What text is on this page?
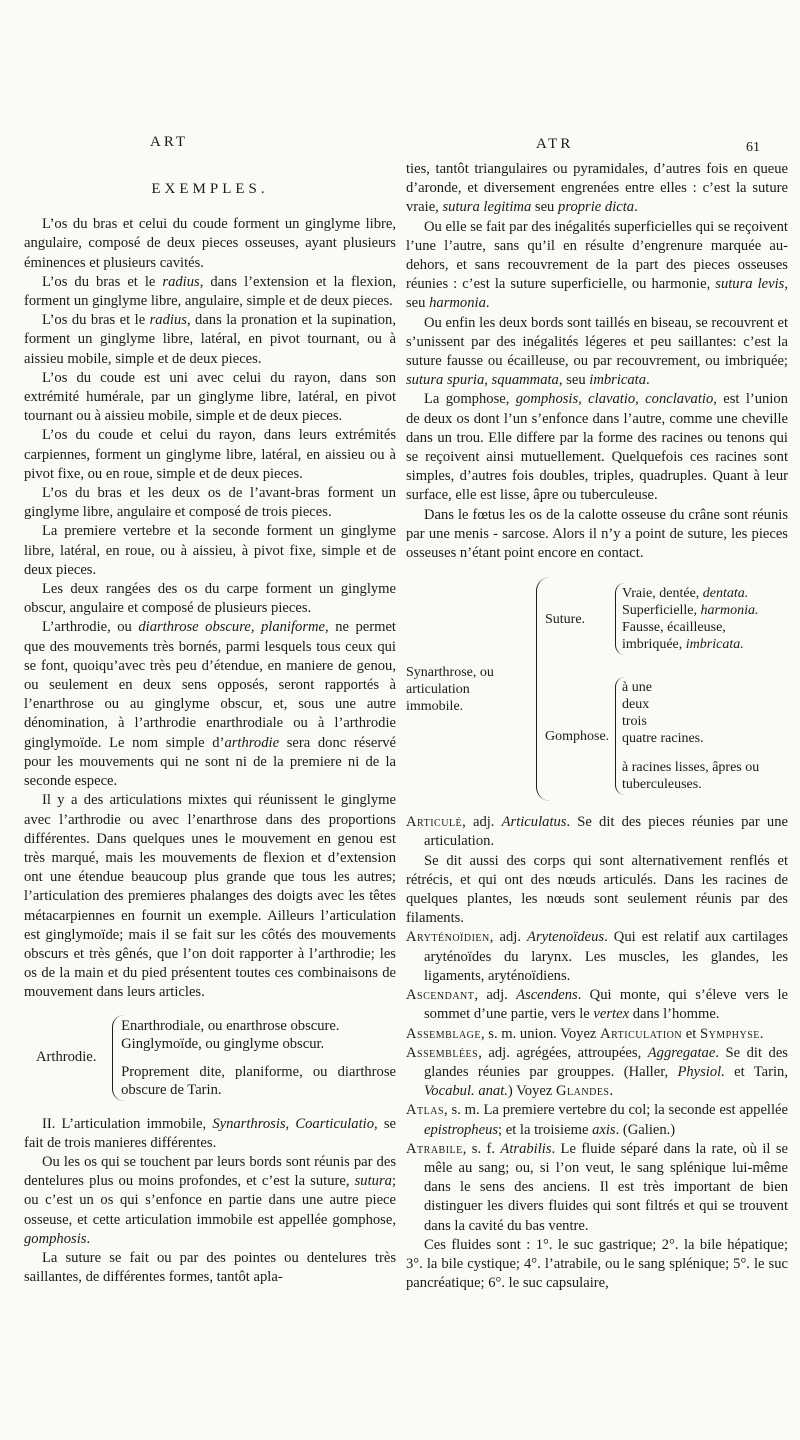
ART	ATR	61
EXEMPLES.

L’os du bras et celui du coude forment un ginglyme libre, angulaire, composé de deux pieces osseuses, ayant plusieurs éminences et plusieurs cavités.

L’os du bras et le radius, dans l’extension et la flexion, forment un ginglyme libre, angulaire, simple et de deux pieces.

L’os du bras et le radius, dans la pronation et la supination, forment un ginglyme libre, latéral, en pivot tournant, ou à aissieu mobile, simple et de deux pieces.

L’os du coude est uni avec celui du rayon, dans son extrémité humérale, par un ginglyme libre, latéral, en pivot tournant ou à aissieu mobile, simple et de deux pieces.

L’os du coude et celui du rayon, dans leurs extrémités carpiennes, forment un ginglyme libre, latéral, en aissieu ou à pivot fixe, ou en roue, simple et de deux pieces.

L’os du bras et les deux os de l’avant-bras forment un ginglyme libre, angulaire et composé de trois pieces.

La premiere vertebre et la seconde forment un ginglyme libre, latéral, en roue, ou à aissieu, à pivot fixe, simple et de deux pieces.

Les deux rangées des os du carpe forment un ginglyme obscur, angulaire et composé de plusieurs pieces.

L’arthrodie, ou diarthrose obscure, planiforme, ne permet que des mouvements très bornés, parmi lesquels tous ceux qui se font, quoiqu’avec très peu d’étendue, en maniere de genou, ou seulement en deux sens opposés, seront rapportés à l’enarthrose ou au ginglyme obscur, et, sous une autre dénomination, à l’arthrodie enarthrodiale ou à l’arthrodie ginglymoïde. Le nom simple d’arthrodie sera donc réservé pour les mouvements qui ne sont ni de la premiere ni de la seconde espece.

Il y a des articulations mixtes qui réunissent le ginglyme avec l’arthrodie ou avec l’enarthrose dans des proportions différentes. Dans quelques unes le mouvement en genou est très marqué, mais les mouvements de flexion et d’extension ont une étendue beaucoup plus grande que tous les autres; l’articulation des premieres phalanges des doigts avec les têtes métacarpiennes en fournit un exemple. Ailleurs l’articulation est ginglymoïde; mais il se fait sur les côtés des mouvements obscurs et très gênés, que l’on doit rapporter à l’arthrodie; les os de la main et du pied présentent toutes ces combinaisons de mouvement dans leurs articles.

Arthrodie.
Enarthrodiale, ou enarthrose obscure.
Ginglymoïde, ou ginglyme obscur.
Proprement dite, planiforme, ou diarthrose obscure de Tarin.

II. L’articulation immobile, Synarthrosis, Coarticulatio, se fait de trois manieres différentes.

Ou les os qui se touchent par leurs bords sont réunis par des dentelures plus ou moins profondes, et c’est la suture, sutura; ou c’est un os qui s’enfonce en partie dans une autre piece osseuse, et cette articulation immobile est appellée gomphose, gomphosis.

La suture se fait ou par des pointes ou dentelures très saillantes, de différentes formes, tantôt apla-

ties, tantôt triangulaires ou pyramidales, d’autres fois en queue d’aronde, et diversement engrenées entre elles : c’est la suture vraie, sutura legitima seu proprie dicta.

Ou elle se fait par des inégalités superficielles qui se reçoivent l’une l’autre, sans qu’il en résulte d’engrenure marquée au-dehors, et sans recouvrement de la part des pieces osseuses réunies : c’est la suture superficielle, ou harmonie, sutura levis, seu harmonia.

Ou enfin les deux bords sont taillés en biseau, se recouvrent et s’unissent par des inégalités légeres et peu saillantes: c’est la suture fausse ou écailleuse, ou par recouvrement, ou imbriquée; sutura spuria, squammata, seu imbricata.

La gomphose, gomphosis, clavatio, conclavatio, est l’union de deux os dont l’un s’enfonce dans l’autre, comme une cheville dans un trou. Elle differe par la forme des racines ou tenons qui se reçoivent ainsi mutuellement. Quelquefois ces racines sont simples, d’autres fois doubles, triples, quadruples. Quant à leur surface, elle est lisse, âpre ou tuberculeuse.

Dans le fœtus les os de la calotte osseuse du crâne sont réunis par une menis - sarcose. Alors il n’y a point de suture, les pieces osseuses n’étant point encore en contact.

Synarthrose, ou articulation immobile.
Suture.
Vraie, dentée, dentata.
Superficielle, harmonia.
Fausse, écailleuse, imbriquée, imbricata.
Gomphose.
à une
deux
trois
quatre racines.
à racines lisses, âpres ou tuberculeuses.

Articulé, adj. Articulatus. Se dit des pieces réunies par une articulation.

Se dit aussi des corps qui sont alternativement renflés et rétrécis, et qui ont des nœuds articulés. Dans les racines de quelques plantes, les nœuds sont seulement réunis par des filaments.

Aryténoïdien, adj. Arytenoïdeus. Qui est relatif aux cartilages aryténoïdes du larynx. Les muscles, les glandes, les ligaments, aryténoïdiens.

Ascendant, adj. Ascendens. Qui monte, qui s’éleve vers le sommet d’une partie, vers le vertex dans l’homme.

Assemblage, s. m. union. Voyez Articulation et Symphyse.

Assemblées, adj. agrégées, attroupées, Aggregatae. Se dit des glandes réunies par grouppes. (Haller, Physiol. et Tarin, Vocabul. anat.) Voyez Glandes.

Atlas, s. m. La premiere vertebre du col; la seconde est appellée epistropheus; et la troisieme axis. (Galien.)

Atrabile, s. f. Atrabilis. Le fluide séparé dans la rate, où il se mêle au sang; ou, si l’on veut, le sang splénique lui-même dans le sens des anciens. Il est très important de bien distinguer les divers fluides qui sont filtrés et qui se trouvent dans la cavité du bas ventre.

Ces fluides sont : 1°. le suc gastrique; 2°. la bile hépatique; 3°. la bile cystique; 4°. l’atrabile, ou le sang splénique; 5°. le suc pancréatique; 6°. le suc capsulaire,
